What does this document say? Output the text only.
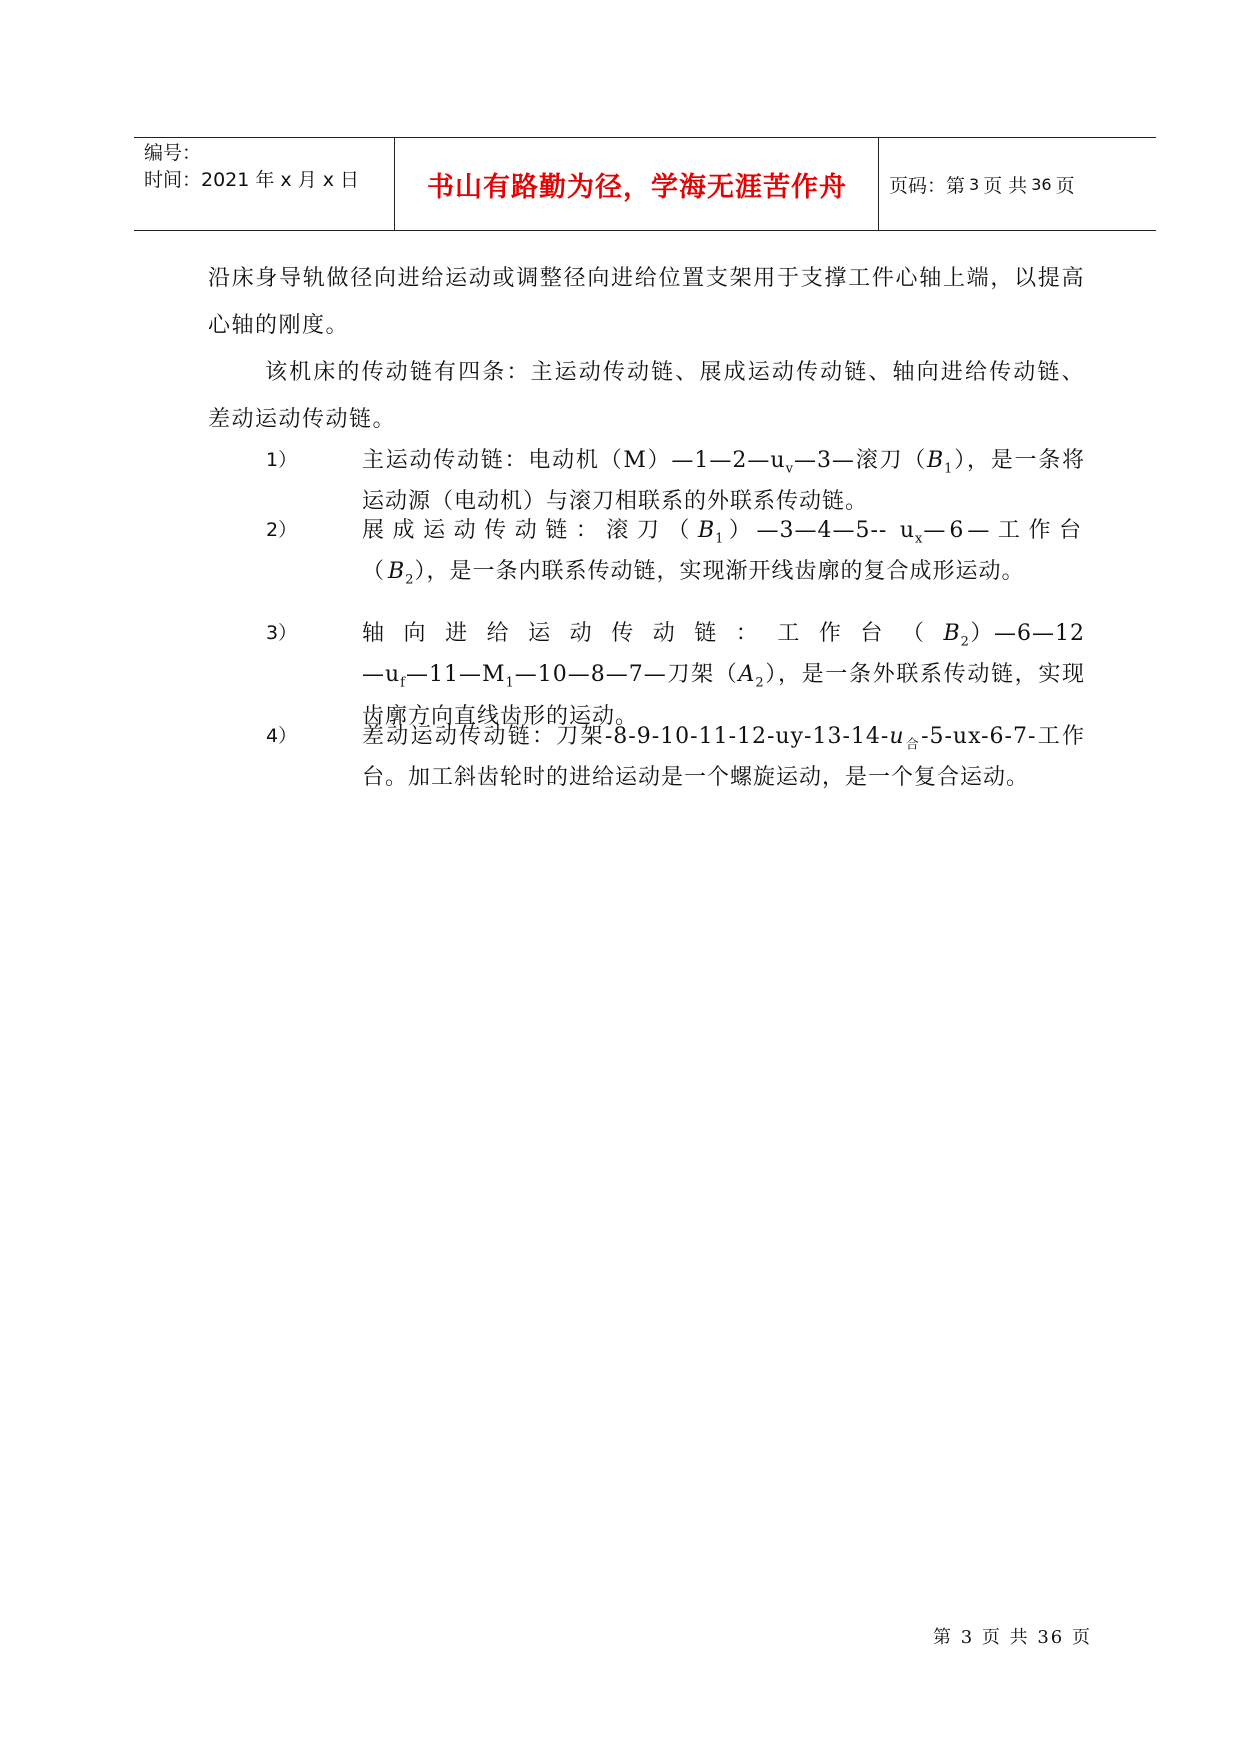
编号：
时间：2021 年 x 月 x 日	书山有路勤为径，学海无涯苦作舟	页码：第 3 页 共 36 页
沿床身导轨做径向进给运动或调整径向进给位置支架用于支撑工件心轴上端，以提高心轴的刚度。
该机床的传动链有四条：主运动传动链、展成运动传动链、轴向进给传动链、差动运动传动链。
1）	主运动传动链：电动机$(M)—1—2—u_v—3—$滚刀$(B_1)$，是一条将运动源（电动机）与滚刀相联系的外联系传动链。
2）	展成运动传动链：滚刀$(B_1)—3—4—5--$ $u_x—6—$工作台$(B_2)$，是一条内联系传动链，实现渐开线齿廓的复合成形运动。
3）	轴向进给运动传动链：工作台$(B_2)—6—12—u_f—11—M_1—10—8—7—$刀架$(A_2)$，是一条外联系传动链，实现齿廓方向直线齿形的运动。
4）	差动运动传动链：刀架$-8-9-10-11-12-uy-13-14-u_合-5-ux-6-7-$工作台。加工斜齿轮时的进给运动是一个螺旋运动，是一个复合运动。
第 3 页 共 36 页
